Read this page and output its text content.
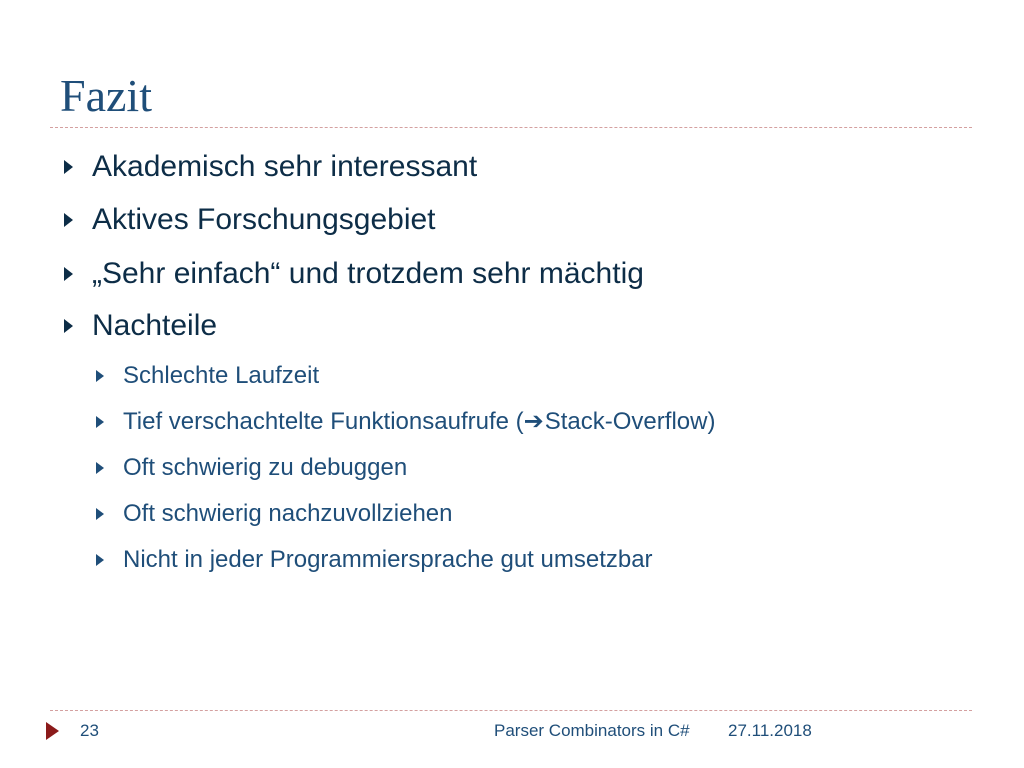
Fazit
Akademisch sehr interessant
Aktives Forschungsgebiet
„Sehr einfach“ und trotzdem sehr mächtig
Nachteile
Schlechte Laufzeit
Tief verschachtelte Funktionsaufrufe (➔Stack-Overflow)
Oft schwierig zu debuggen
Oft schwierig nachzuvollziehen
Nicht in jeder Programmiersprache gut umsetzbar
23	Parser Combinators in C# 27.11.2018
